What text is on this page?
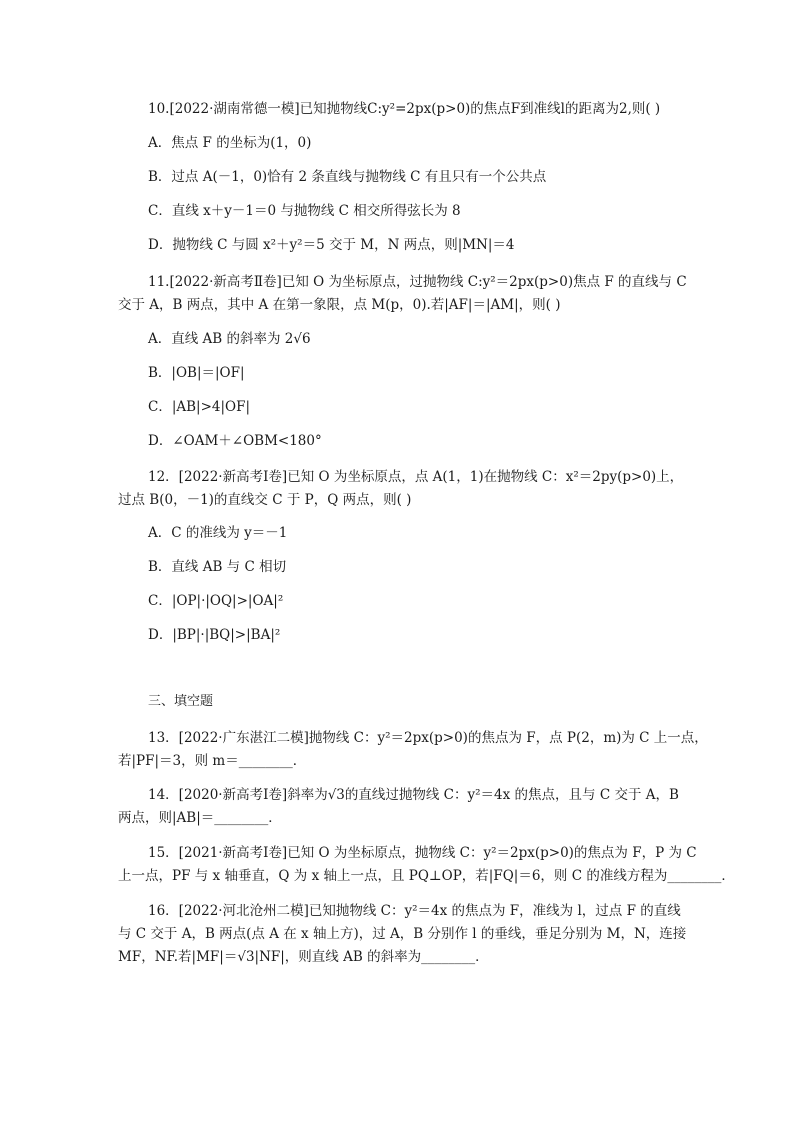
10.[2022·湖南常德一模]已知抛物线C:y²=2px(p>0)的焦点F到准线l的距离为2,则( )
A．焦点 F 的坐标为(1，0)
B．过点 A(－1，0)恰有 2 条直线与抛物线 C 有且只有一个公共点
C．直线 x＋y－1＝0 与抛物线 C 相交所得弦长为 8
D．抛物线 C 与圆 x²＋y²＝5 交于 M，N 两点，则|MN|＝4
11.[2022·新高考Ⅱ卷]已知 O 为坐标原点，过抛物线 C:y²＝2px(p>0)焦点 F 的直线与 C
交于 A，B 两点，其中 A 在第一象限，点 M(p，0).若|AF|＝|AM|，则( )
A．直线 AB 的斜率为 2√6
B．|OB|＝|OF|
C．|AB|>4|OF|
D．∠OAM＋∠OBM<180°
12．[2022·新高考Ⅰ卷]已知 O 为坐标原点，点 A(1，1)在抛物线 C：x²＝2py(p>0)上，
过点 B(0，－1)的直线交 C 于 P，Q 两点，则( )
A．C 的准线为 y＝－1
B．直线 AB 与 C 相切
C．|OP|·|OQ|>|OA|²
D．|BP|·|BQ|>|BA|²
三、填空题
13．[2022·广东湛江二模]抛物线 C：y²＝2px(p>0)的焦点为 F，点 P(2，m)为 C 上一点，
若|PF|＝3，则 m＝________．
14．[2020·新高考Ⅰ卷]斜率为√3的直线过抛物线 C：y²＝4x 的焦点，且与 C 交于 A，B
两点，则|AB|＝________．
15．[2021·新高考Ⅰ卷]已知 O 为坐标原点，抛物线 C：y²＝2px(p>0)的焦点为 F，P 为 C
上一点，PF 与 x 轴垂直，Q 为 x 轴上一点，且 PQ⊥OP，若|FQ|＝6，则 C 的准线方程为________．
16．[2022·河北沧州二模]已知抛物线 C：y²＝4x 的焦点为 F，准线为 l，过点 F 的直线
与 C 交于 A，B 两点(点 A 在 x 轴上方)，过 A，B 分别作 l 的垂线，垂足分别为 M，N，连接
MF，NF.若|MF|＝√3|NF|，则直线 AB 的斜率为________．
